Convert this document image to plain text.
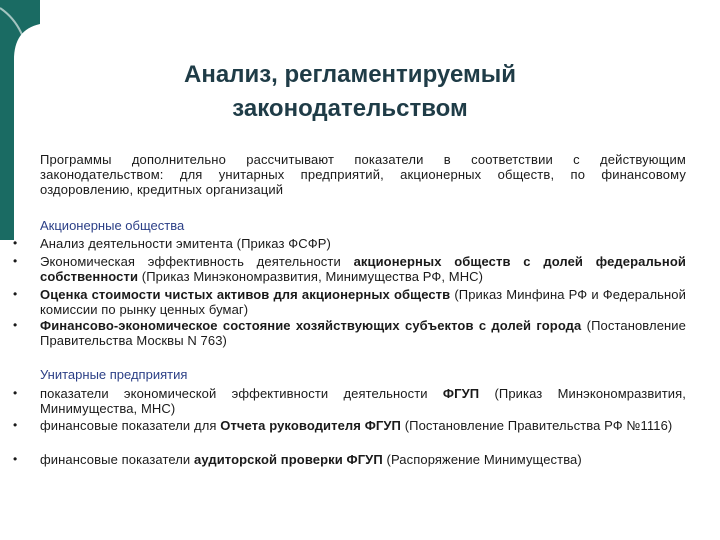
Анализ, регламентируемый
законодательством
Программы дополнительно рассчитывают показатели в соответствии с действующим законодательством: для унитарных предприятий, акционерных обществ, по финансовому оздоровлению, кредитных организаций
Акционерные общества
• Анализ деятельности эмитента (Приказ ФСФР)
• Экономическая эффективность деятельности акционерных обществ с долей федеральной собственности (Приказ Минэкономразвития, Минимущества РФ, МНС)
• Оценка стоимости чистых активов для акционерных обществ (Приказ Минфина РФ и Федеральной комиссии по рынку ценных бумаг)
• Финансово-экономическое состояние хозяйствующих субъектов с долей города (Постановление Правительства Москвы N 763)
Унитарные предприятия
• показатели экономической эффективности деятельности ФГУП (Приказ Минэкономразвития, Минимущества, МНС)
• финансовые показатели для Отчета руководителя ФГУП (Постановление Правительства РФ №1116)
• финансовые показатели аудиторской проверки ФГУП (Распоряжение Минимущества)
